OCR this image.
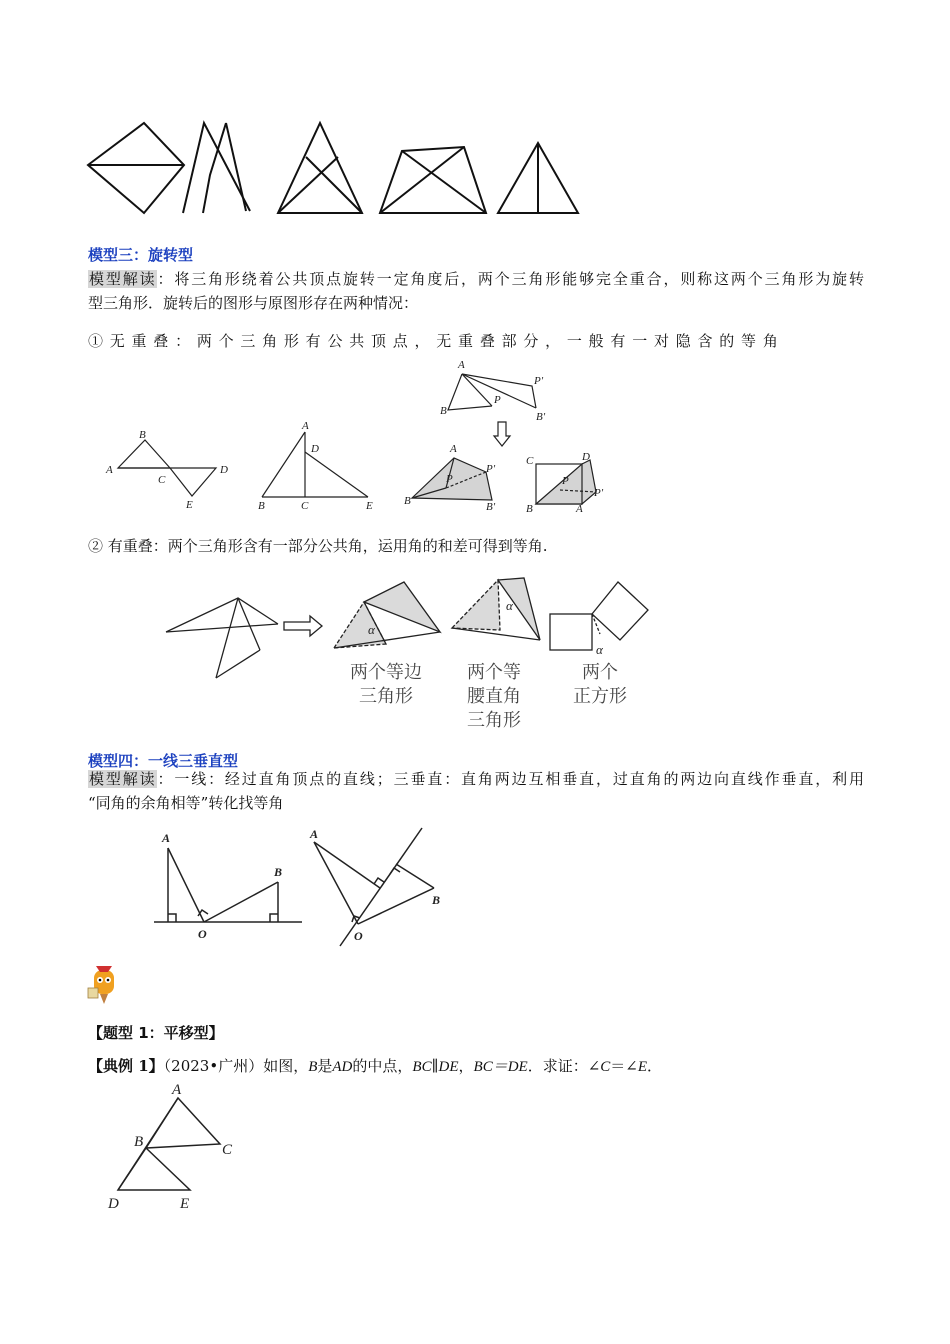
模型三：旋转型
模型解读：将三角形绕着公共顶点旋转一定角度后，两个三角形能够完全重合，则称这两个三角形为旋转
型三角形．旋转后的图形与原图形存在两种情况：
① 无 重 叠 ： 两 个 三 角 形 有 公 共 顶 点 ， 无 重 叠 部 分 ， 一 般 有 一 对 隐 含 的 等 角
B
A
C
D
E
A
D
B	C	E
A
B
P
P′
B′
A
B
P
P′
B′
C	D
B	A
P
P′
② 有重叠：两个三角形含有一部分公共角，运用角的和差可得到等角.
α
α
α
两个等边
三角形
两个等
腰直角
三角形
两个
正方形
模型四：一线三垂直型
模型解读：一线：经过直角顶点的直线；三垂直：直角两边互相垂直，过直角的两边向直线作垂直，利用
“同角的余角相等”转化找等角
A
B
O
A
B
O
【题型 1：平移型】
【典例 1】（2023•广州）如图，B是AD的中点，BC∥DE，BC＝DE．求证：∠C＝∠E．
A
B	C
D	E
